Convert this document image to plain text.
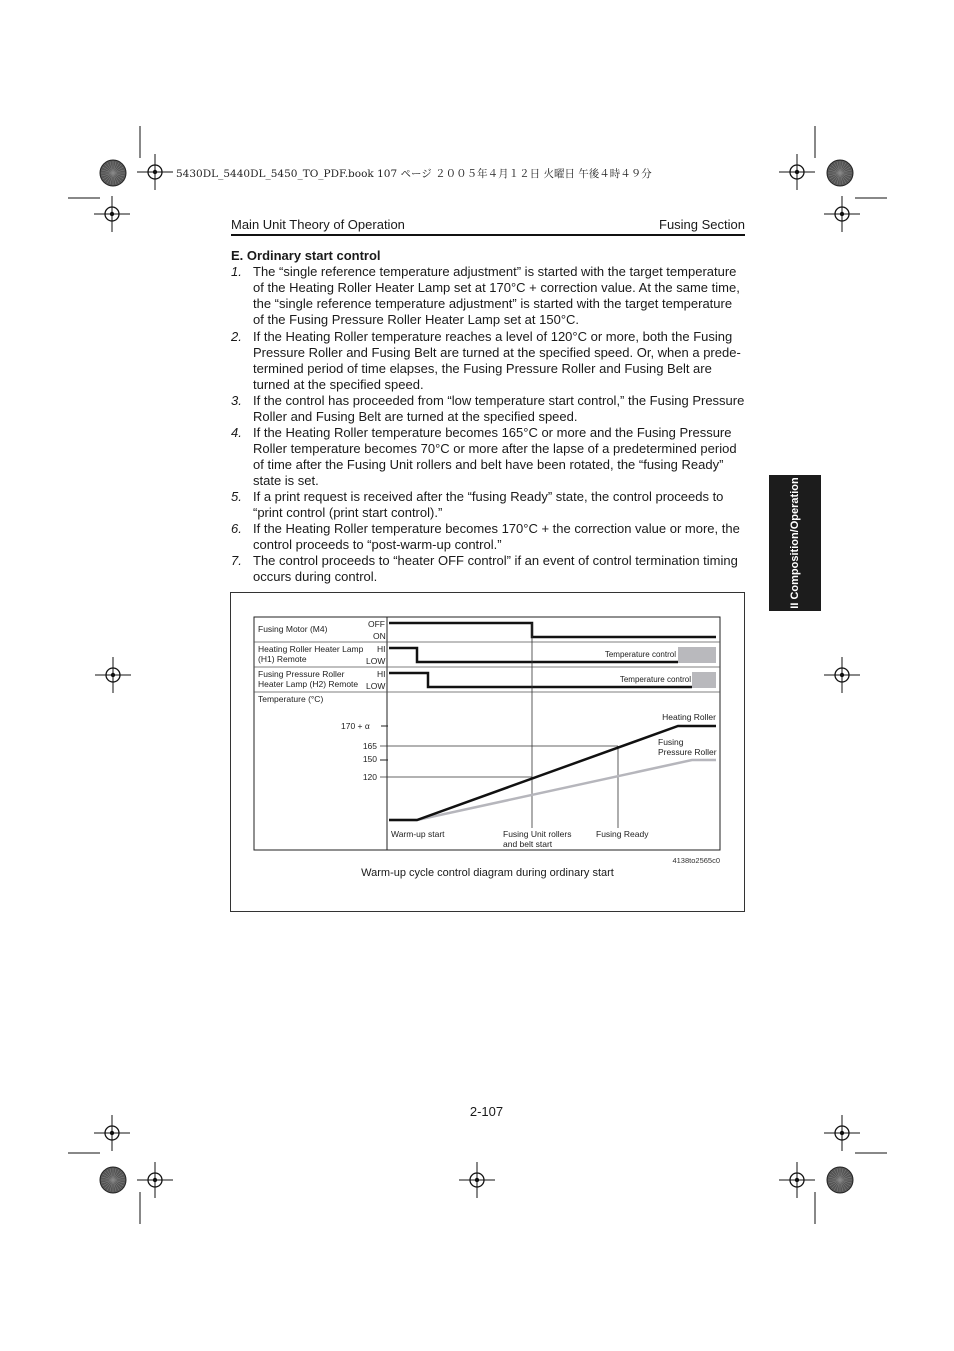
5430DL_5440DL_5450_TO_PDF.book 107 ページ ２００５年４月１２日 火曜日 午後４時４９分
Main Unit Theory of Operation	Fusing Section
E. Ordinary start control
1. The “single reference temperature adjustment” is started with the target temperature of the Heating Roller Heater Lamp set at 170°C + correction value. At the same time, the “single reference temperature adjustment” is started with the target temperature of the Fusing Pressure Roller Heater Lamp set at 150°C.
2. If the Heating Roller temperature reaches a level of 120°C or more, both the Fusing Pressure Roller and Fusing Belt are turned at the specified speed. Or, when a prede-termined period of time elapses, the Fusing Pressure Roller and Fusing Belt are turned at the specified speed.
3. If the control has proceeded from “low temperature start control,” the Fusing Pressure Roller and Fusing Belt are turned at the specified speed.
4. If the Heating Roller temperature becomes 165°C or more and the Fusing Pressure Roller temperature becomes 70°C or more after the lapse of a predetermined period of time after the Fusing Unit rollers and belt have been rotated, the “fusing Ready” state is set.
5. If a print request is received after the “fusing Ready” state, the control proceeds to “print control (print start control).”
6. If the Heating Roller temperature becomes 170°C + the correction value or more, the control proceeds to “post-warm-up control.”
7. The control proceeds to “heater OFF control” if an event of control termination timing occurs during control.	II Composition/Operation
Fusing Motor (M4)	OFF
ON
Heating Roller Heater Lamp
(H1) Remote
HI
LOW
Fusing Pressure Roller
Heater Lamp (H2) Remote
HI
LOW
Temperature (°C)
Temperature control
Temperature control
170 + α
165
150
120
Heating Roller
Fusing
Pressure Roller
Warm-up start	Fusing Unit rollers
and belt start
Fusing Ready
4138to2565c0
Warm-up cycle control diagram during ordinary start
2-107
